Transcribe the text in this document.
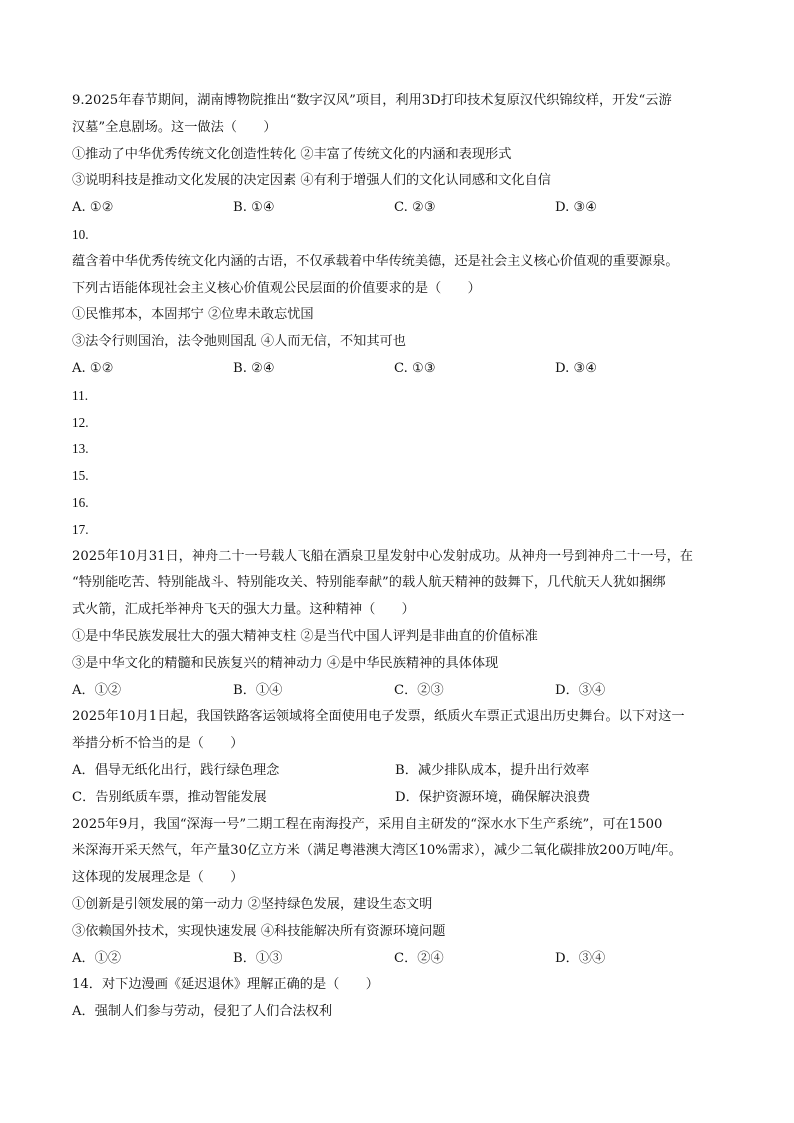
9.2025年春节期间，湖南博物院推出“数字汉风”项目，利用3D打印技术复原汉代织锦纹样，开发“云游
汉墓”全息剧场。这一做法（　　）
①推动了中华优秀传统文化创造性转化 ②丰富了传统文化的内涵和表现形式
③说明科技是推动文化发展的决定因素 ④有利于增强人们的文化认同感和文化自信
A. ①②	B. ①④	C. ②③	D. ③④
10.
蕴含着中华优秀传统文化内涵的古语，不仅承载着中华传统美德，还是社会主义核心价值观的重要源泉。
下列古语能体现社会主义核心价值观公民层面的价值要求的是（　　）
①民惟邦本，本固邦宁 ②位卑未敢忘忧国
③法令行则国治，法令弛则国乱 ④人而无信，不知其可也
A. ①②	B. ②④	C. ①③	D. ③④
11.
12.
13.
15.
16.
17.
2025年10月31日，神舟二十一号载人飞船在酒泉卫星发射中心发射成功。从神舟一号到神舟二十一号，在
“特别能吃苦、特别能战斗、特别能攻关、特别能奉献”的载人航天精神的鼓舞下，几代航天人犹如捆绑
式火箭，汇成托举神舟飞天的强大力量。这种精神（　　）
①是中华民族发展壮大的强大精神支柱 ②是当代中国人评判是非曲直的价值标准
③是中华文化的精髓和民族复兴的精神动力 ④是中华民族精神的具体体现
A．①②	B．①④	C．②③	D．③④
2025年10月1日起，我国铁路客运领域将全面使用电子发票，纸质火车票正式退出历史舞台。以下对这一
举措分析不恰当的是（　　）
A．倡导无纸化出行，践行绿色理念	B．减少排队成本，提升出行效率
C．告别纸质车票，推动智能发展	D．保护资源环境，确保解决浪费
2025年9月，我国“深海一号”二期工程在南海投产，采用自主研发的“深水水下生产系统”，可在1500
米深海开采天然气，年产量30亿立方米（满足粤港澳大湾区10%需求），减少二氧化碳排放200万吨/年。
这体现的发展理念是（　　）
①创新是引领发展的第一动力 ②坚持绿色发展，建设生态文明
③依赖国外技术，实现快速发展 ④科技能解决所有资源环境问题
A．①②	B．①③	C．②④	D．③④
14．对下边漫画《延迟退休》理解正确的是（　　）
A．强制人们参与劳动，侵犯了人们合法权利
